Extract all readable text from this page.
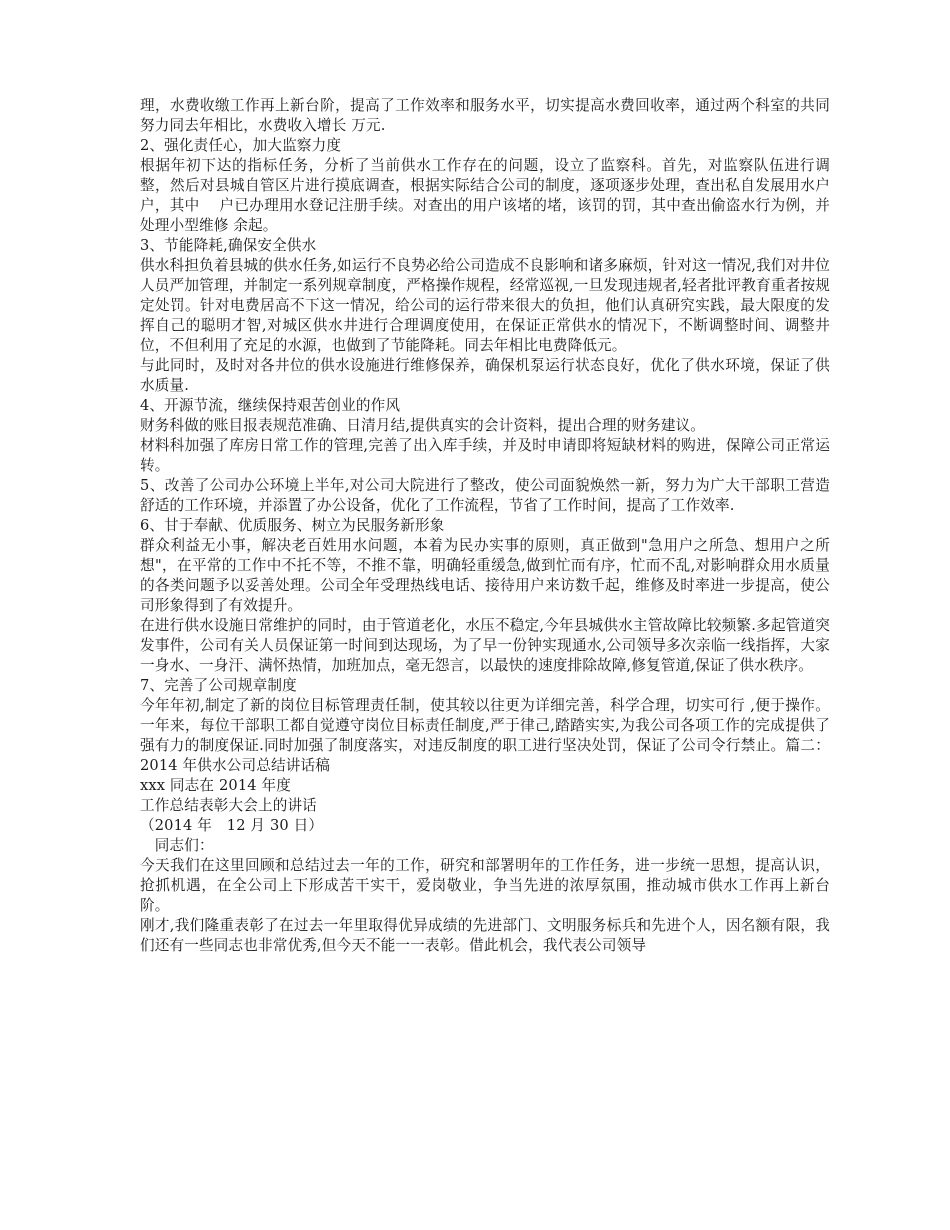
理，水费收缴工作再上新台阶，提高了工作效率和服务水平，切实提高水费回收率，通过两个科室的共同努力同去年相比，水费收入增长 万元.

2、强化责任心，加大监察力度

根据年初下达的指标任务，分析了当前供水工作存在的问题，设立了监察科。首先，对监察队伍进行调整，然后对县城自管区片进行摸底调查，根据实际结合公司的制度，逐项逐步处理，查出私自发展用水户　 户，其中　 户已办理用水登记注册手续。对查出的用户该堵的堵，该罚的罚，其中查出偷盗水行为例，并处理小型维修 余起。

3、节能降耗,确保安全供水

供水科担负着县城的供水任务,如运行不良势必给公司造成不良影响和诸多麻烦，针对这一情况,我们对井位人员严加管理，并制定一系列规章制度，严格操作规程，经常巡视,一旦发现违规者,轻者批评教育重者按规定处罚。针对电费居高不下这一情况，给公司的运行带来很大的负担，他们认真研究实践，最大限度的发挥自己的聪明才智,对城区供水井进行合理调度使用，在保证正常供水的情况下，不断调整时间、调整井位，不但利用了充足的水源，也做到了节能降耗。同去年相比电费降低元。

与此同时，及时对各井位的供水设施进行维修保养，确保机泵运行状态良好，优化了供水环境，保证了供水质量.

4、开源节流，继续保持艰苦创业的作风

财务科做的账目报表规范准确、日清月结,提供真实的会计资料，提出合理的财务建议。

材料科加强了库房日常工作的管理,完善了出入库手续，并及时申请即将短缺材料的购进，保障公司正常运转。

5、改善了公司办公环境上半年,对公司大院进行了整改，使公司面貌焕然一新，努力为广大干部职工营造舒适的工作环境，并添置了办公设备，优化了工作流程，节省了工作时间，提高了工作效率.

6、甘于奉献、优质服务、树立为民服务新形象

群众利益无小事，解决老百姓用水问题，本着为民办实事的原则，真正做到"急用户之所急、想用户之所想"，在平常的工作中不托不等，不推不靠，明确轻重缓急,做到忙而有序，忙而不乱,对影响群众用水质量的各类问题予以妥善处理。公司全年受理热线电话、接待用户来访数千起，维修及时率进一步提高，使公司形象得到了有效提升。

在进行供水设施日常维护的同时，由于管道老化，水压不稳定,今年县城供水主管故障比较频繁.多起管道突发事件，公司有关人员保证第一时间到达现场，为了早一份钟实现通水,公司领导多次亲临一线指挥，大家一身水、一身汗、满怀热情，加班加点，毫无怨言，以最快的速度排除故障,修复管道,保证了供水秩序。

7、完善了公司规章制度

今年年初,制定了新的岗位目标管理责任制，使其较以往更为详细完善，科学合理，切实可行 ,便于操作。一年来，每位干部职工都自觉遵守岗位目标责任制度,严于律己,踏踏实实,为我公司各项工作的完成提供了强有力的制度保证.同时加强了制度落实，对违反制度的职工进行坚决处罚，保证了公司令行禁止。篇二：2014 年供水公司总结讲话稿

xxx 同志在 2014 年度

工作总结表彰大会上的讲话

（2014 年　12 月 30 日）

　同志们：

今天我们在这里回顾和总结过去一年的工作，研究和部署明年的工作任务，进一步统一思想，提高认识，抢抓机遇，在全公司上下形成苦干实干，爱岗敬业，争当先进的浓厚氛围，推动城市供水工作再上新台阶。

刚才,我们隆重表彰了在过去一年里取得优异成绩的先进部门、文明服务标兵和先进个人，因名额有限，我们还有一些同志也非常优秀,但今天不能一一表彰。借此机会，我代表公司领导
